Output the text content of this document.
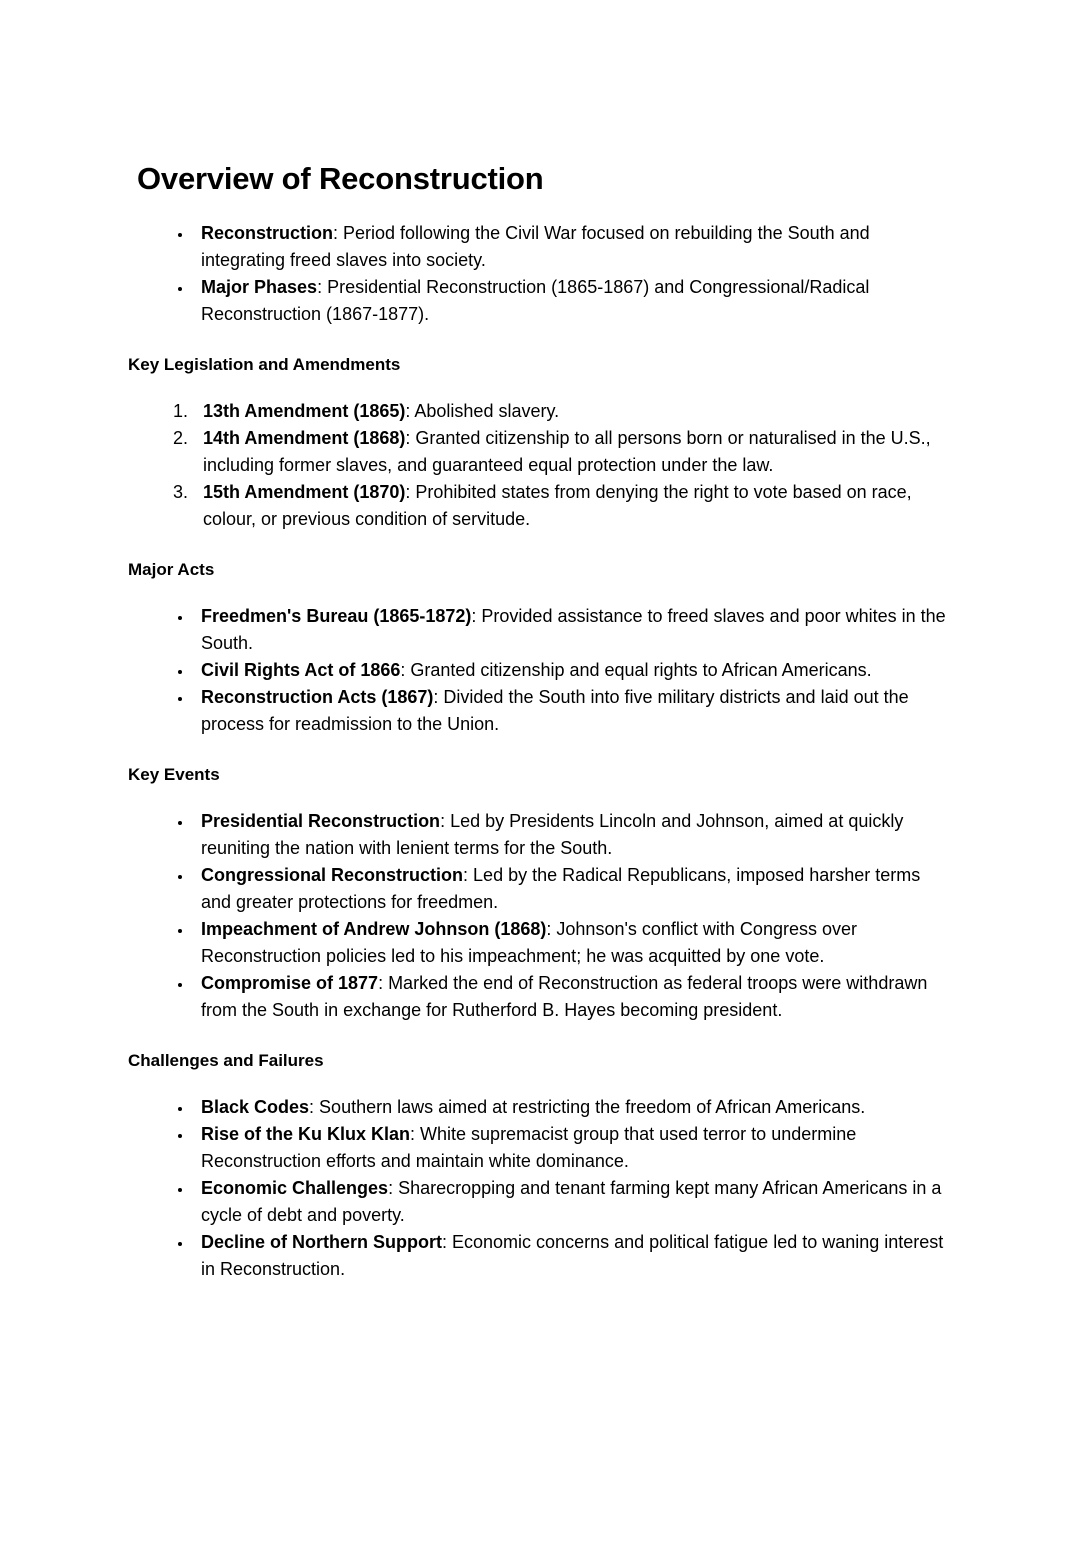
Overview of Reconstruction
• Reconstruction: Period following the Civil War focused on rebuilding the South and integrating freed slaves into society.
• Major Phases: Presidential Reconstruction (1865-1867) and Congressional/Radical Reconstruction (1867-1877).
Key Legislation and Amendments
1. 13th Amendment (1865): Abolished slavery.
2. 14th Amendment (1868): Granted citizenship to all persons born or naturalised in the U.S., including former slaves, and guaranteed equal protection under the law.
3. 15th Amendment (1870): Prohibited states from denying the right to vote based on race, colour, or previous condition of servitude.
Major Acts
• Freedmen's Bureau (1865-1872): Provided assistance to freed slaves and poor whites in the South.
• Civil Rights Act of 1866: Granted citizenship and equal rights to African Americans.
• Reconstruction Acts (1867): Divided the South into five military districts and laid out the process for readmission to the Union.
Key Events
• Presidential Reconstruction: Led by Presidents Lincoln and Johnson, aimed at quickly reuniting the nation with lenient terms for the South.
• Congressional Reconstruction: Led by the Radical Republicans, imposed harsher terms and greater protections for freedmen.
• Impeachment of Andrew Johnson (1868): Johnson's conflict with Congress over Reconstruction policies led to his impeachment; he was acquitted by one vote.
• Compromise of 1877: Marked the end of Reconstruction as federal troops were withdrawn from the South in exchange for Rutherford B. Hayes becoming president.
Challenges and Failures
• Black Codes: Southern laws aimed at restricting the freedom of African Americans.
• Rise of the Ku Klux Klan: White supremacist group that used terror to undermine Reconstruction efforts and maintain white dominance.
• Economic Challenges: Sharecropping and tenant farming kept many African Americans in a cycle of debt and poverty.
• Decline of Northern Support: Economic concerns and political fatigue led to waning interest in Reconstruction.
